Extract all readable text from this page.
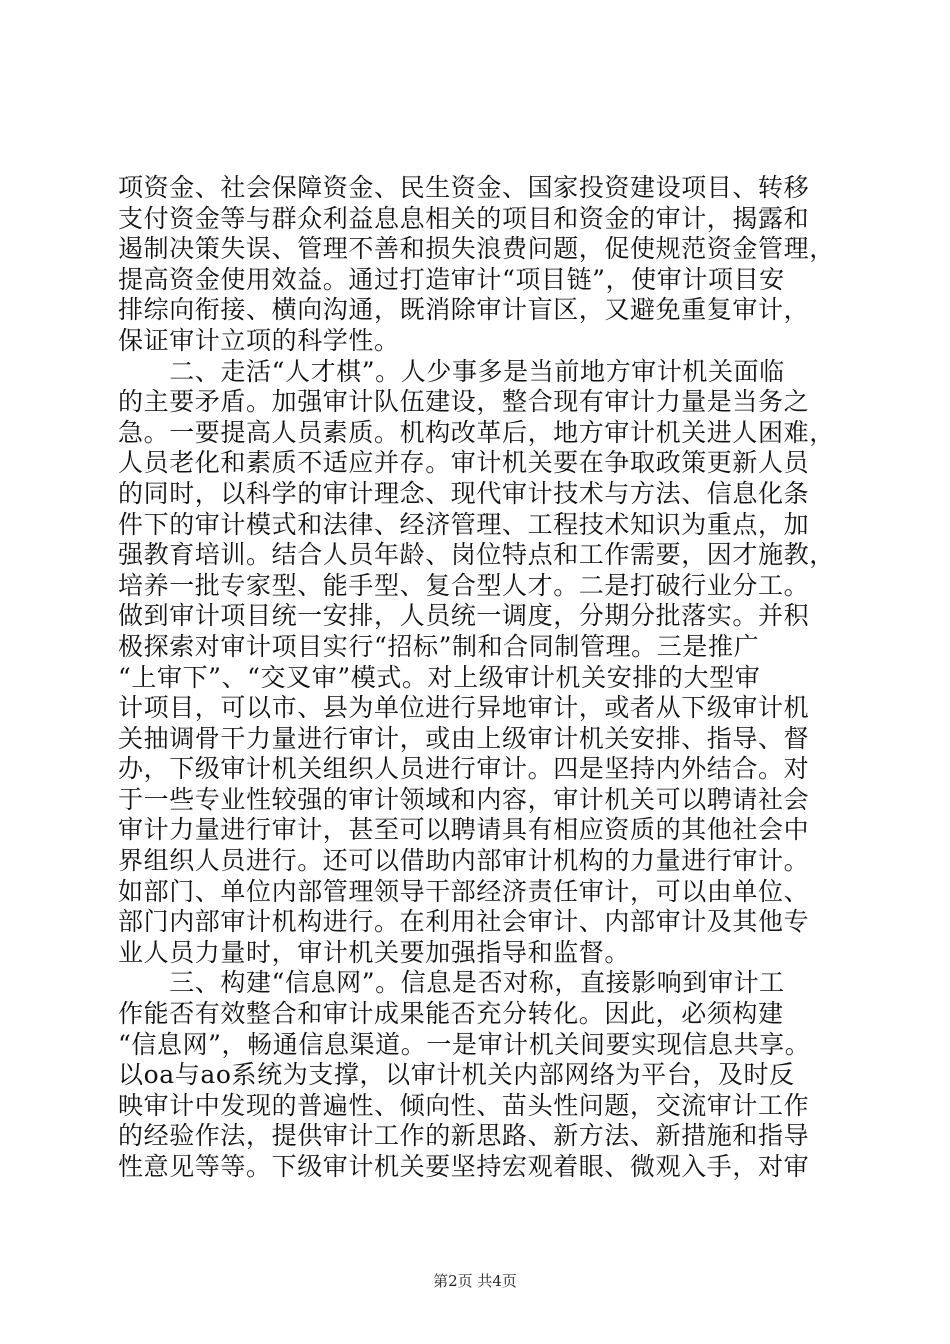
项资金、社会保障资金、民生资金、国家投资建设项目、转移
支付资金等与群众利益息息相关的项目和资金的审计，揭露和
遏制决策失误、管理不善和损失浪费问题，促使规范资金管理，
提高资金使用效益。通过打造审计“项目链”，使审计项目安
排综向衔接、横向沟通，既消除审计盲区，又避免重复审计，
保证审计立项的科学性。
　　二、走活“人才棋”。人少事多是当前地方审计机关面临
的主要矛盾。加强审计队伍建设，整合现有审计力量是当务之
急。一要提高人员素质。机构改革后，地方审计机关进人困难，
人员老化和素质不适应并存。审计机关要在争取政策更新人员
的同时，以科学的审计理念、现代审计技术与方法、信息化条
件下的审计模式和法律、经济管理、工程技术知识为重点，加
强教育培训。结合人员年龄、岗位特点和工作需要，因才施教，
培养一批专家型、能手型、复合型人才。二是打破行业分工。
做到审计项目统一安排，人员统一调度，分期分批落实。并积
极探索对审计项目实行“招标”制和合同制管理。三是推广
“上审下”、“交叉审”模式。对上级审计机关安排的大型审
计项目，可以市、县为单位进行异地审计，或者从下级审计机
关抽调骨干力量进行审计，或由上级审计机关安排、指导、督
办，下级审计机关组织人员进行审计。四是坚持内外结合。对
于一些专业性较强的审计领域和内容，审计机关可以聘请社会
审计力量进行审计，甚至可以聘请具有相应资质的其他社会中
界组织人员进行。还可以借助内部审计机构的力量进行审计。
如部门、单位内部管理领导干部经济责任审计，可以由单位、
部门内部审计机构进行。在利用社会审计、内部审计及其他专
业人员力量时，审计机关要加强指导和监督。
　　三、构建“信息网”。信息是否对称，直接影响到审计工
作能否有效整合和审计成果能否充分转化。因此，必须构建
“信息网”，畅通信息渠道。一是审计机关间要实现信息共享。
以oa与ao系统为支撑，以审计机关内部网络为平台，及时反
映审计中发现的普遍性、倾向性、苗头性问题，交流审计工作
的经验作法，提供审计工作的新思路、新方法、新措施和指导
性意见等等。下级审计机关要坚持宏观着眼、微观入手，对审
第2页 共4页
